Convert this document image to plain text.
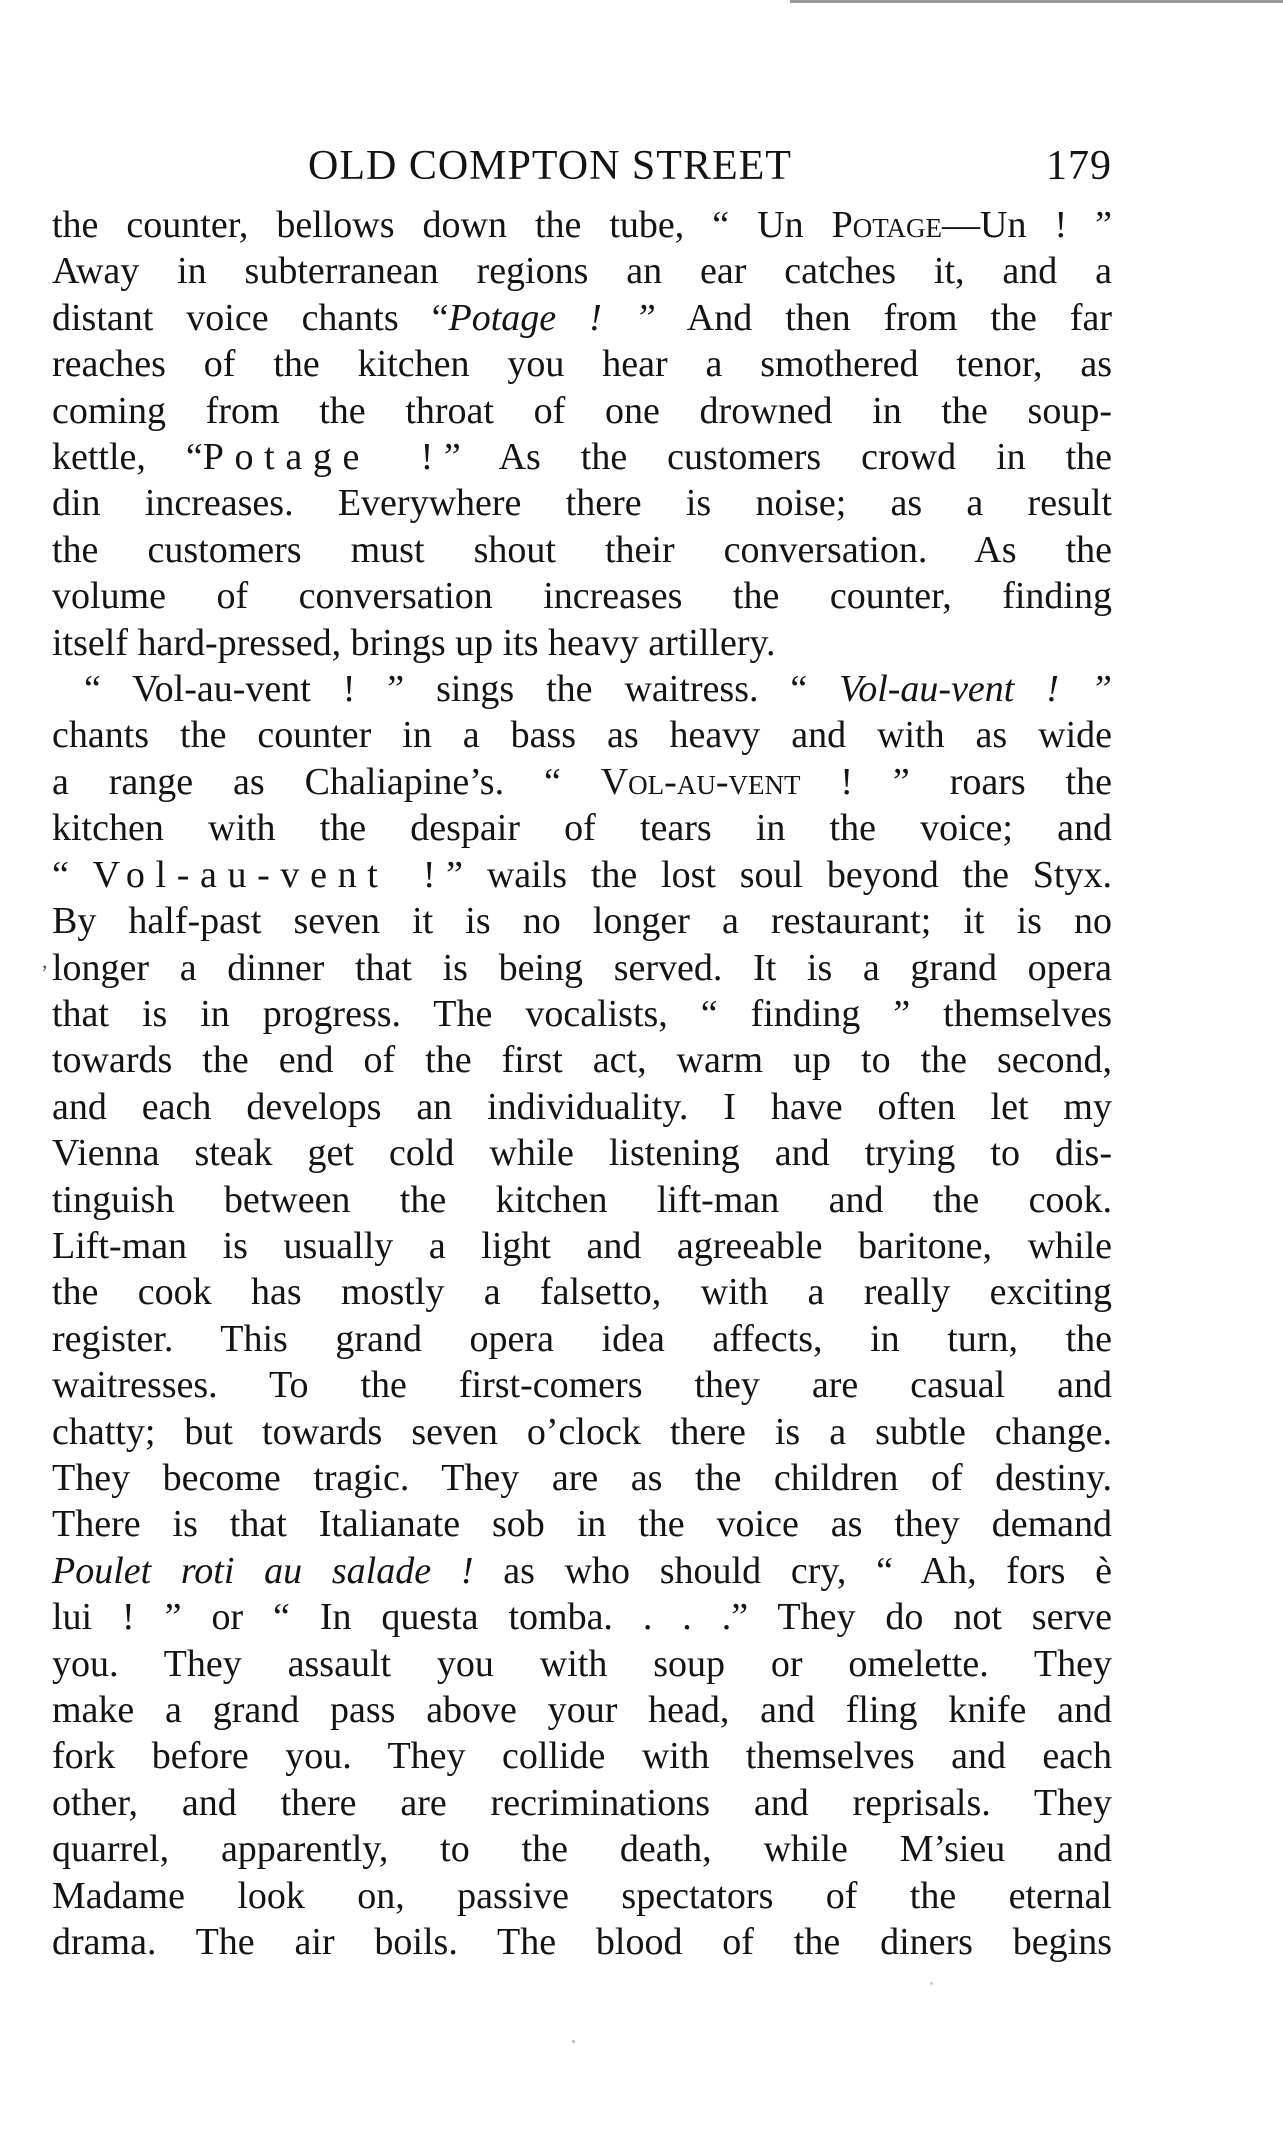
OLD COMPTON STREET	179
the counter, bellows down the tube, “ Un Potage—Un ! ”
Away in subterranean regions an ear catches it, and a
distant voice chants “Potage ! ” And then from the far
reaches of the kitchen you hear a smothered tenor, as
coming from the throat of one drowned in the soup-
kettle, “Potage !” As the customers crowd in the
din increases. Everywhere there is noise; as a result
the customers must shout their conversation. As the
volume of conversation increases the counter, finding
itself hard-pressed, brings up its heavy artillery.
“ Vol-au-vent ! ” sings the waitress. “ Vol-au-vent ! ”
chants the counter in a bass as heavy and with as wide
a range as Chaliapine’s. “ Vol-au-vent ! ” roars the
kitchen with the despair of tears in the voice; and
“ Vol-au-vent !” wails the lost soul beyond the Styx.
By half-past seven it is no longer a restaurant; it is no
longer a dinner that is being served. It is a grand opera
that is in progress. The vocalists, “ finding ” themselves
towards the end of the first act, warm up to the second,
and each develops an individuality. I have often let my
Vienna steak get cold while listening and trying to dis-
tinguish between the kitchen lift-man and the cook.
Lift-man is usually a light and agreeable baritone, while
the cook has mostly a falsetto, with a really exciting
register. This grand opera idea affects, in turn, the
waitresses. To the first-comers they are casual and
chatty; but towards seven o’clock there is a subtle change.
They become tragic. They are as the children of destiny.
There is that Italianate sob in the voice as they demand
Poulet roti au salade ! as who should cry, “ Ah, fors è
lui ! ” or “ In questa tomba. . . .” They do not serve
you. They assault you with soup or omelette. They
make a grand pass above your head, and fling knife and
fork before you. They collide with themselves and each
other, and there are recriminations and reprisals. They
quarrel, apparently, to the death, while M’sieu and
Madame look on, passive spectators of the eternal
drama. The air boils. The blood of the diners begins
,
